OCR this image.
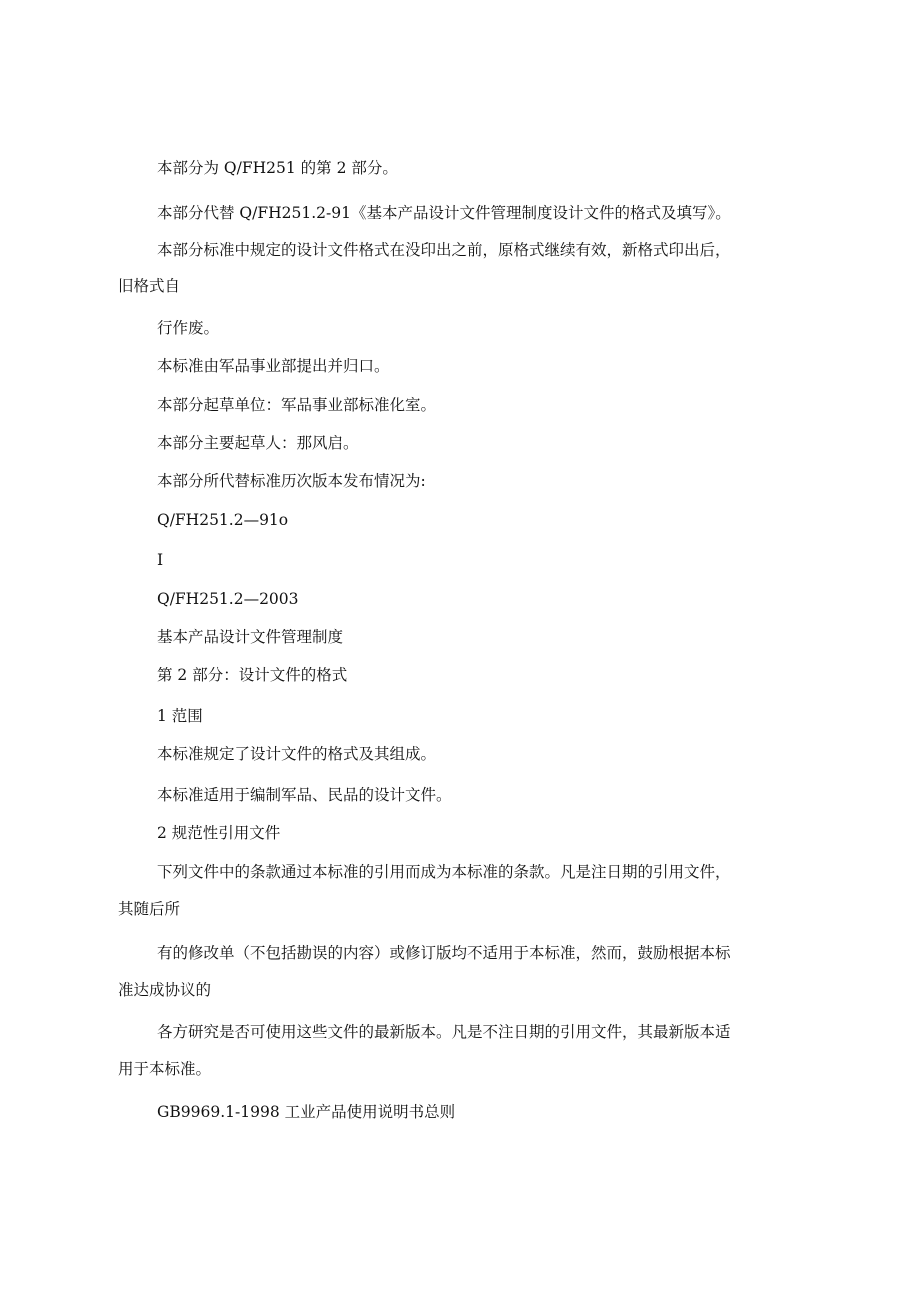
本部分为 Q/FH251 的第 2 部分。

本部分代替 Q/FH251.2-91《基本产品设计文件管理制度设计文件的格式及填写》。

本部分标准中规定的设计文件格式在没印出之前，原格式继续有效，新格式印出后，

旧格式自

行作废。

本标准由军品事业部提出并归口。

本部分起草单位：军品事业部标准化室。

本部分主要起草人：那风启。

本部分所代替标准历次版本发布情况为:

Q/FH251.2—91o

I

Q/FH251.2—2003

基本产品设计文件管理制度

第 2 部分：设计文件的格式

1 范围

本标准规定了设计文件的格式及其组成。

本标准适用于编制军品、民品的设计文件。

2 规范性引用文件

下列文件中的条款通过本标准的引用而成为本标准的条款。凡是注日期的引用文件，

其随后所

有的修改单（不包括勘误的内容）或修订版均不适用于本标准，然而，鼓励根据本标

准达成协议的

各方研究是否可使用这些文件的最新版本。凡是不注日期的引用文件，其最新版本适

用于本标准。

GB9969.1-1998 工业产品使用说明书总则
